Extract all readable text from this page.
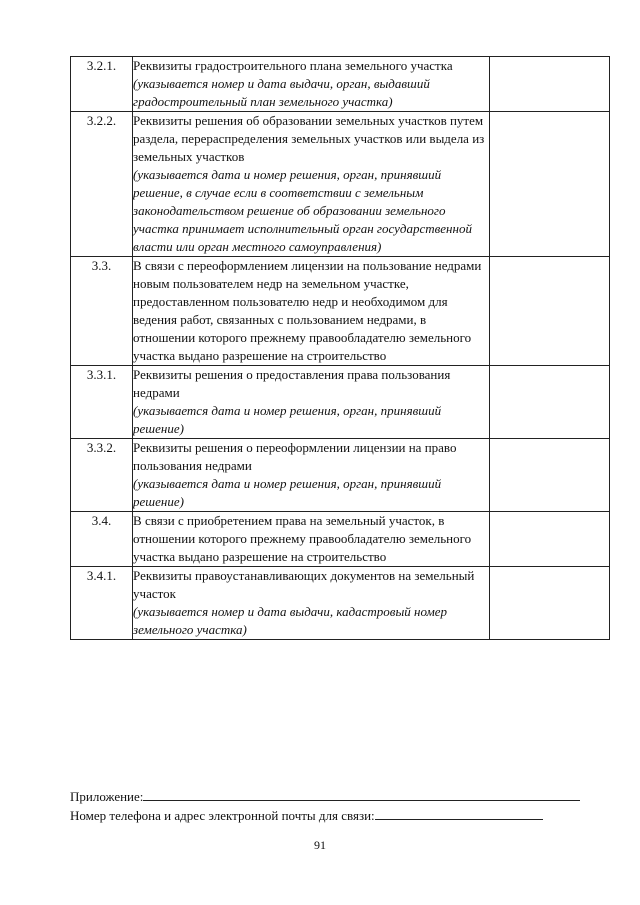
3.2.1.	Реквизиты градостроительного плана земельного участка
(указывается номер и дата выдачи, орган, выдавший градостроительный план земельного участка)	

3.2.2.	Реквизиты решения об образовании земельных участков путем раздела, перераспределения земельных участков или выдела из земельных участков
(указывается дата и номер решения, орган, принявший решение, в случае если в соответствии с земельным законодательством решение об образовании земельного участка принимает исполнительный орган государственной власти или орган местного самоуправления)	

3.3.	В связи с переоформлением лицензии на пользование недрами новым пользователем недр на земельном участке, предоставленном пользователю недр и необходимом для ведения работ, связанных с пользованием недрами, в отношении которого прежнему правообладателю земельного участка выдано разрешение на строительство	

3.3.1.	Реквизиты решения о предоставления права пользования недрами
(указывается дата и номер решения, орган, принявший решение)	

3.3.2.	Реквизиты решения о переоформлении лицензии на право пользования недрами
(указывается дата и номер решения, орган, принявший решение)	

3.4.	В связи с приобретением права на земельный участок, в отношении которого прежнему правообладателю земельного участка выдано разрешение на строительство	

3.4.1.	Реквизиты правоустанавливающих документов на земельный участок
(указывается номер и дата выдачи, кадастровый номер земельного участка)	

Приложение:
Номер телефона и адрес электронной почты для связи:
91
